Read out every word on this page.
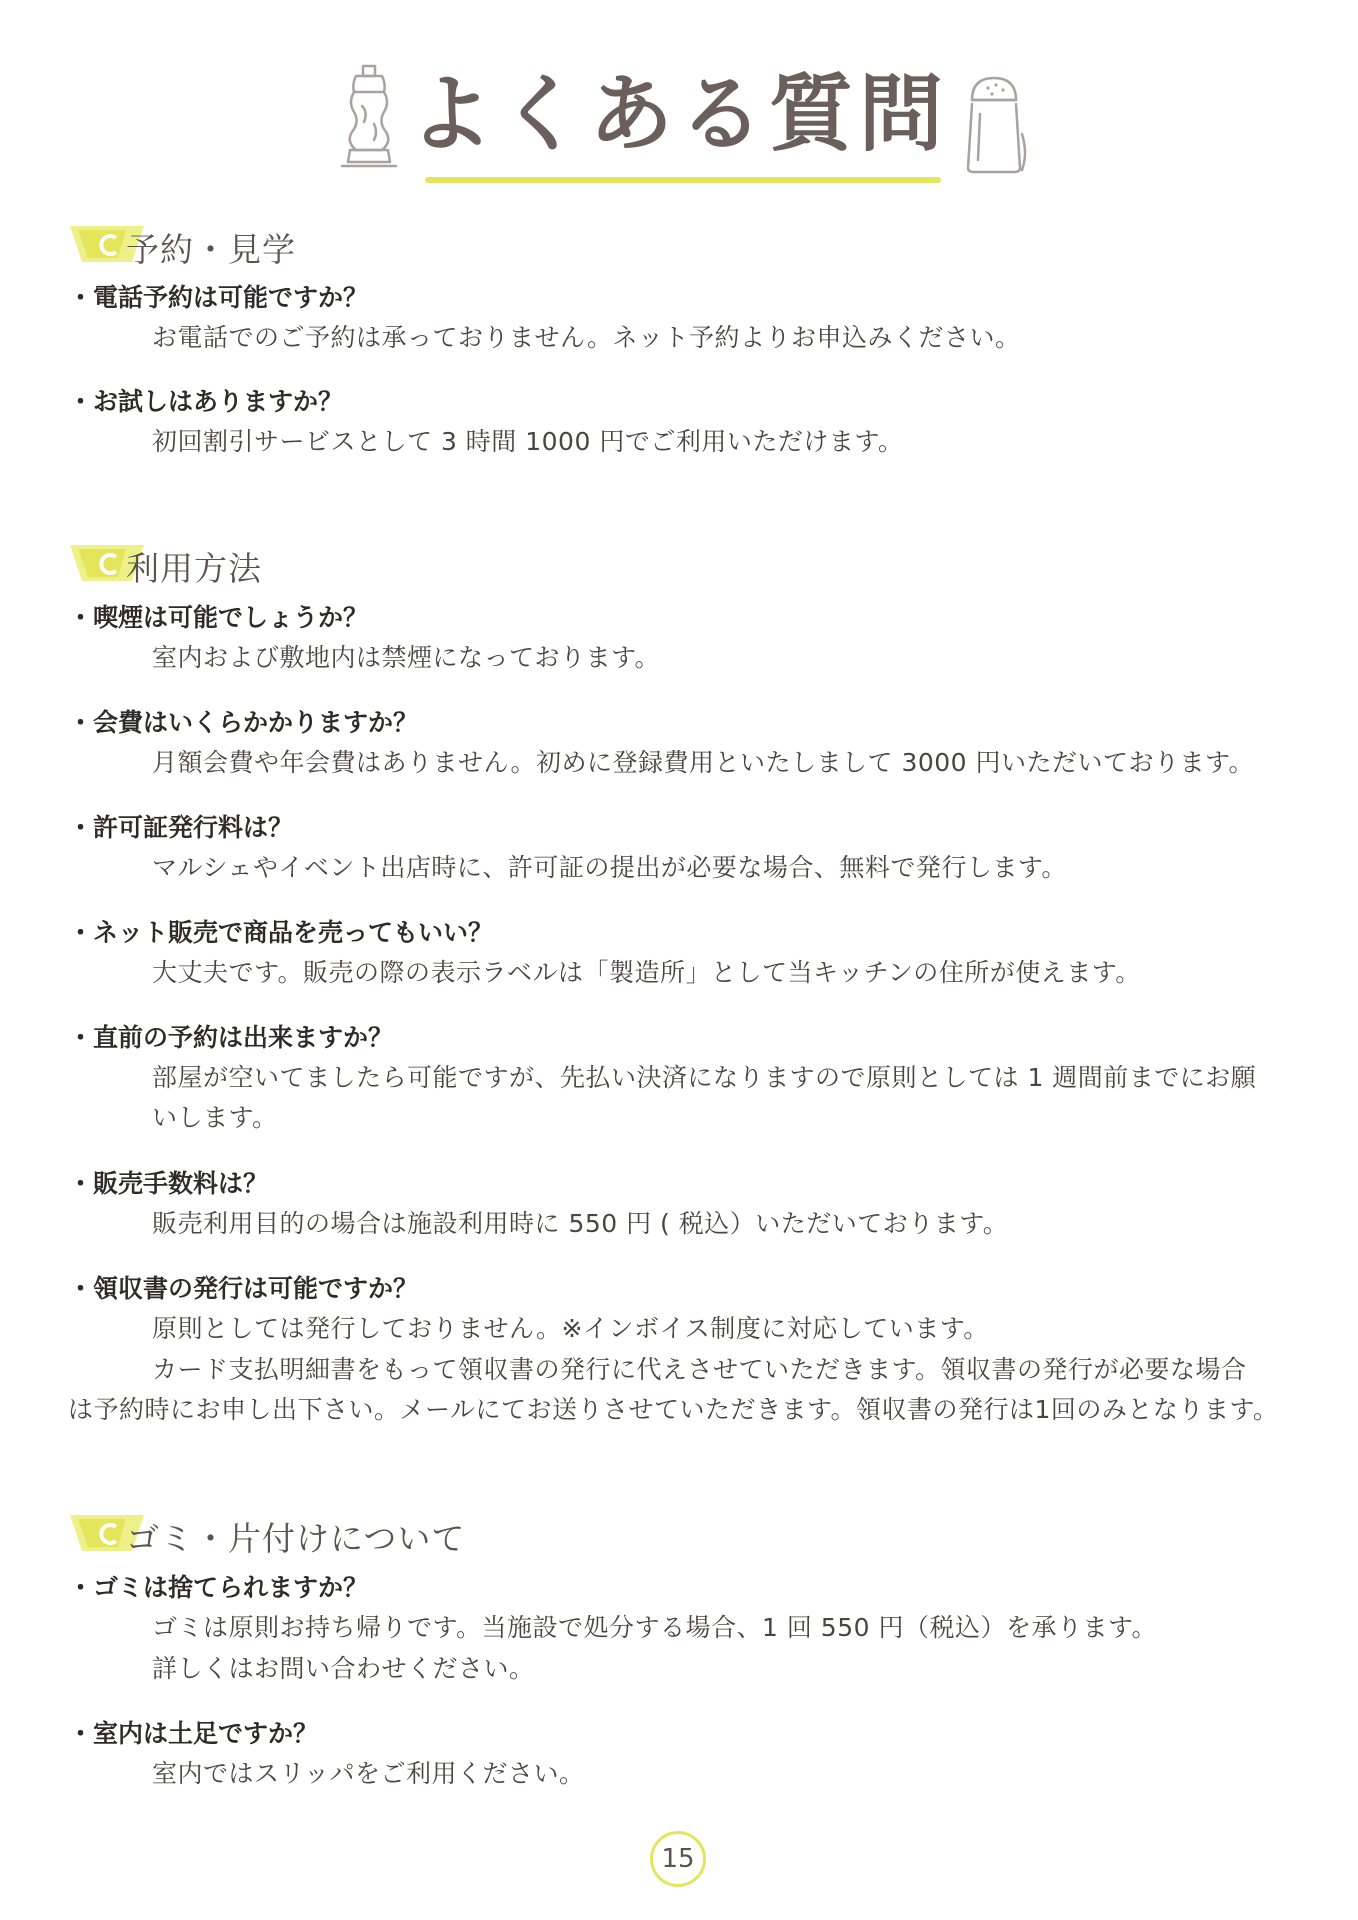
よくある質問
予約・見学
・電話予約は可能ですか？
お電話でのご予約は承っておりません。ネット予約よりお申込みください。
・お試しはありますか？
初回割引サービスとして 3 時間 1000 円でご利用いただけます。
利用方法
・喫煙は可能でしょうか？
室内および敷地内は禁煙になっております。
・会費はいくらかかりますか？
月額会費や年会費はありません。初めに登録費用といたしまして 3000 円いただいております。
・許可証発行料は？
マルシェやイベント出店時に、許可証の提出が必要な場合、無料で発行します。
・ネット販売で商品を売ってもいい？
大丈夫です。販売の際の表示ラベルは「製造所」として当キッチンの住所が使えます。
・直前の予約は出来ますか？
部屋が空いてましたら可能ですが、先払い決済になりますので原則としては 1 週間前までにお願
いします。
・販売手数料は？
販売利用目的の場合は施設利用時に 550 円 ( 税込）いただいております。
・領収書の発行は可能ですか？
原則としては発行しておりません。※インボイス制度に対応しています。
カード支払明細書をもって領収書の発行に代えさせていただきます。領収書の発行が必要な場合
は予約時にお申し出下さい。メールにてお送りさせていただきます。領収書の発行は1回のみとなります。
ゴミ・片付けについて
・ゴミは捨てられますか？
ゴミは原則お持ち帰りです。当施設で処分する場合、1 回 550 円（税込）を承ります。
詳しくはお問い合わせください。
・室内は土足ですか？
室内ではスリッパをご利用ください。
15
